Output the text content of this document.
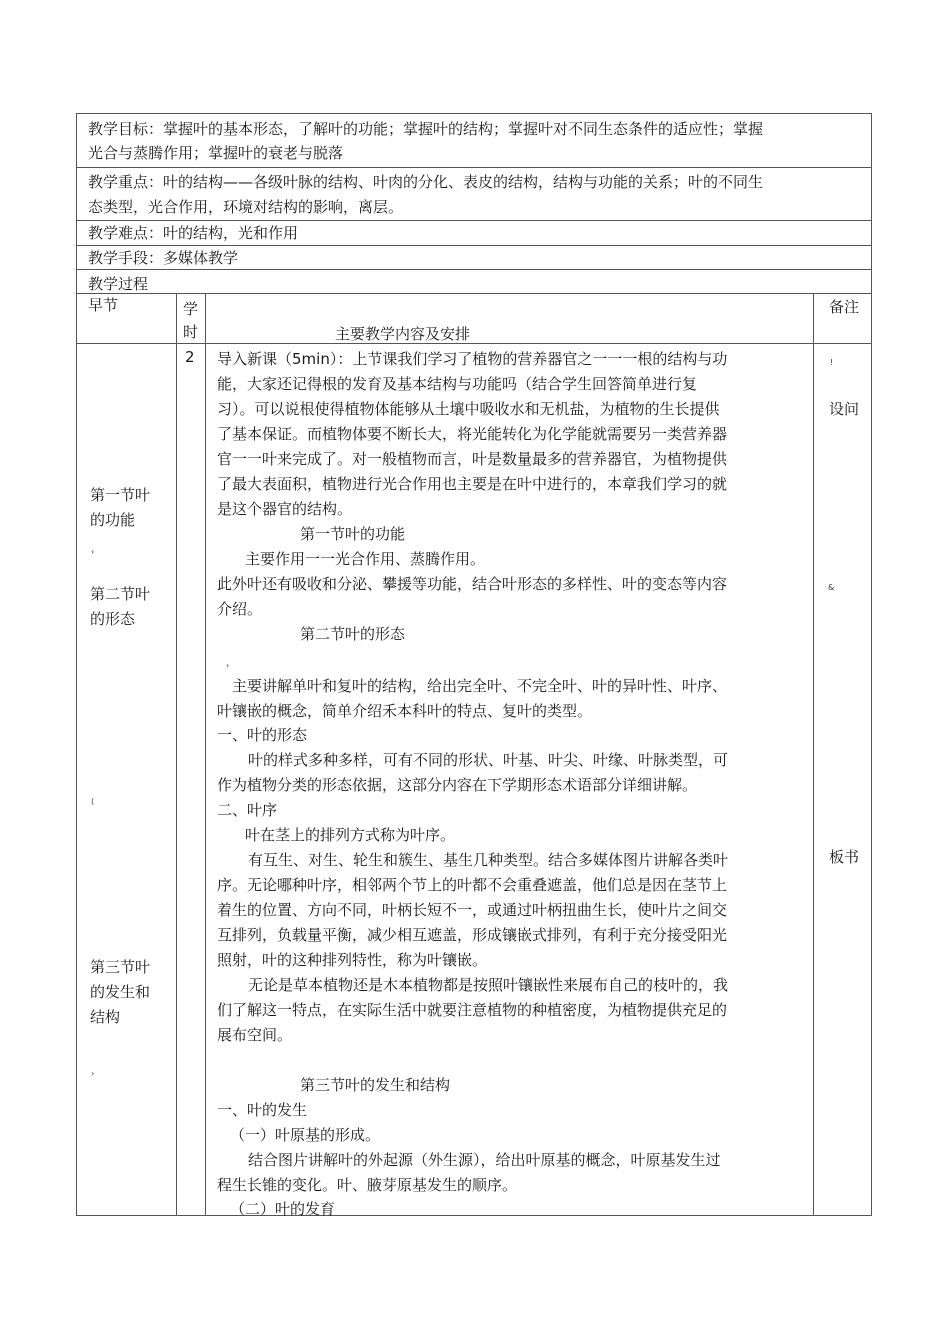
教学目标：掌握叶的基本形态，了解叶的功能；掌握叶的结构；掌握叶对不同生态条件的适应性；掌握
光合与蒸腾作用；掌握叶的衰老与脱落
教学重点：叶的结构——各级叶脉的结构、叶肉的分化、表皮的结构，结构与功能的关系；叶的不同生
态类型，光合作用，环境对结构的影响，离层。
教学难点：叶的结构，光和作用
教学手段：多媒体教学
教学过程
早节	学
时	主要教学内容及安排
备注
2
第一节叶
的功能
‹
第二节叶
的形态
⟨
第三节叶
的发生和
结构
›
!
设问
&
板书
导入新课（5min）：上节课我们学习了植物的营养器官之一一一根的结构与功
能，大家还记得根的发育及基本结构与功能吗（结合学生回答简单进行复
习）。可以说根使得植物体能够从土壤中吸收水和无机盐，为植物的生长提供
了基本保证。而植物体要不断长大，将光能转化为化学能就需要另一类营养器
官一一叶来完成了。对一般植物而言，叶是数量最多的营养器官，为植物提供
了最大表面积，植物进行光合作用也主要是在叶中进行的，本章我们学习的就
是这个器官的结构。
第一节叶的功能
主要作用一一光合作用、蒸腾作用。
此外叶还有吸收和分泌、攀援等功能，结合叶形态的多样性、叶的变态等内容
介绍。
第二节叶的形态
›
主要讲解单叶和复叶的结构，给出完全叶、不完全叶、叶的异叶性、叶序、
叶镶嵌的概念，简单介绍禾本科叶的特点、复叶的类型。
一、叶的形态
叶的样式多种多样，可有不同的形状、叶基、叶尖、叶缘、叶脉类型，可
作为植物分类的形态依据，这部分内容在下学期形态术语部分详细讲解。
二、叶序
叶在茎上的排列方式称为叶序。
有互生、对生、轮生和簇生、基生几种类型。结合多媒体图片讲解各类叶
序。无论哪种叶序，相邻两个节上的叶都不会重叠遮盖，他们总是因在茎节上
着生的位置、方向不同，叶柄长短不一，或通过叶柄扭曲生长，使叶片之间交
互排列，负载量平衡，减少相互遮盖，形成镶嵌式排列，有利于充分接受阳光
照射，叶的这种排列特性，称为叶镶嵌。
无论是草本植物还是木本植物都是按照叶镶嵌性来展布自己的枝叶的，我
们了解这一特点，在实际生活中就要注意植物的种植密度，为植物提供充足的
展布空间。
第三节叶的发生和结构
一、叶的发生
（一）叶原基的形成。
结合图片讲解叶的外起源（外生源），给出叶原基的概念，叶原基发生过
程生长锥的变化。叶、腋芽原基发生的顺序。
（二）叶的发育
